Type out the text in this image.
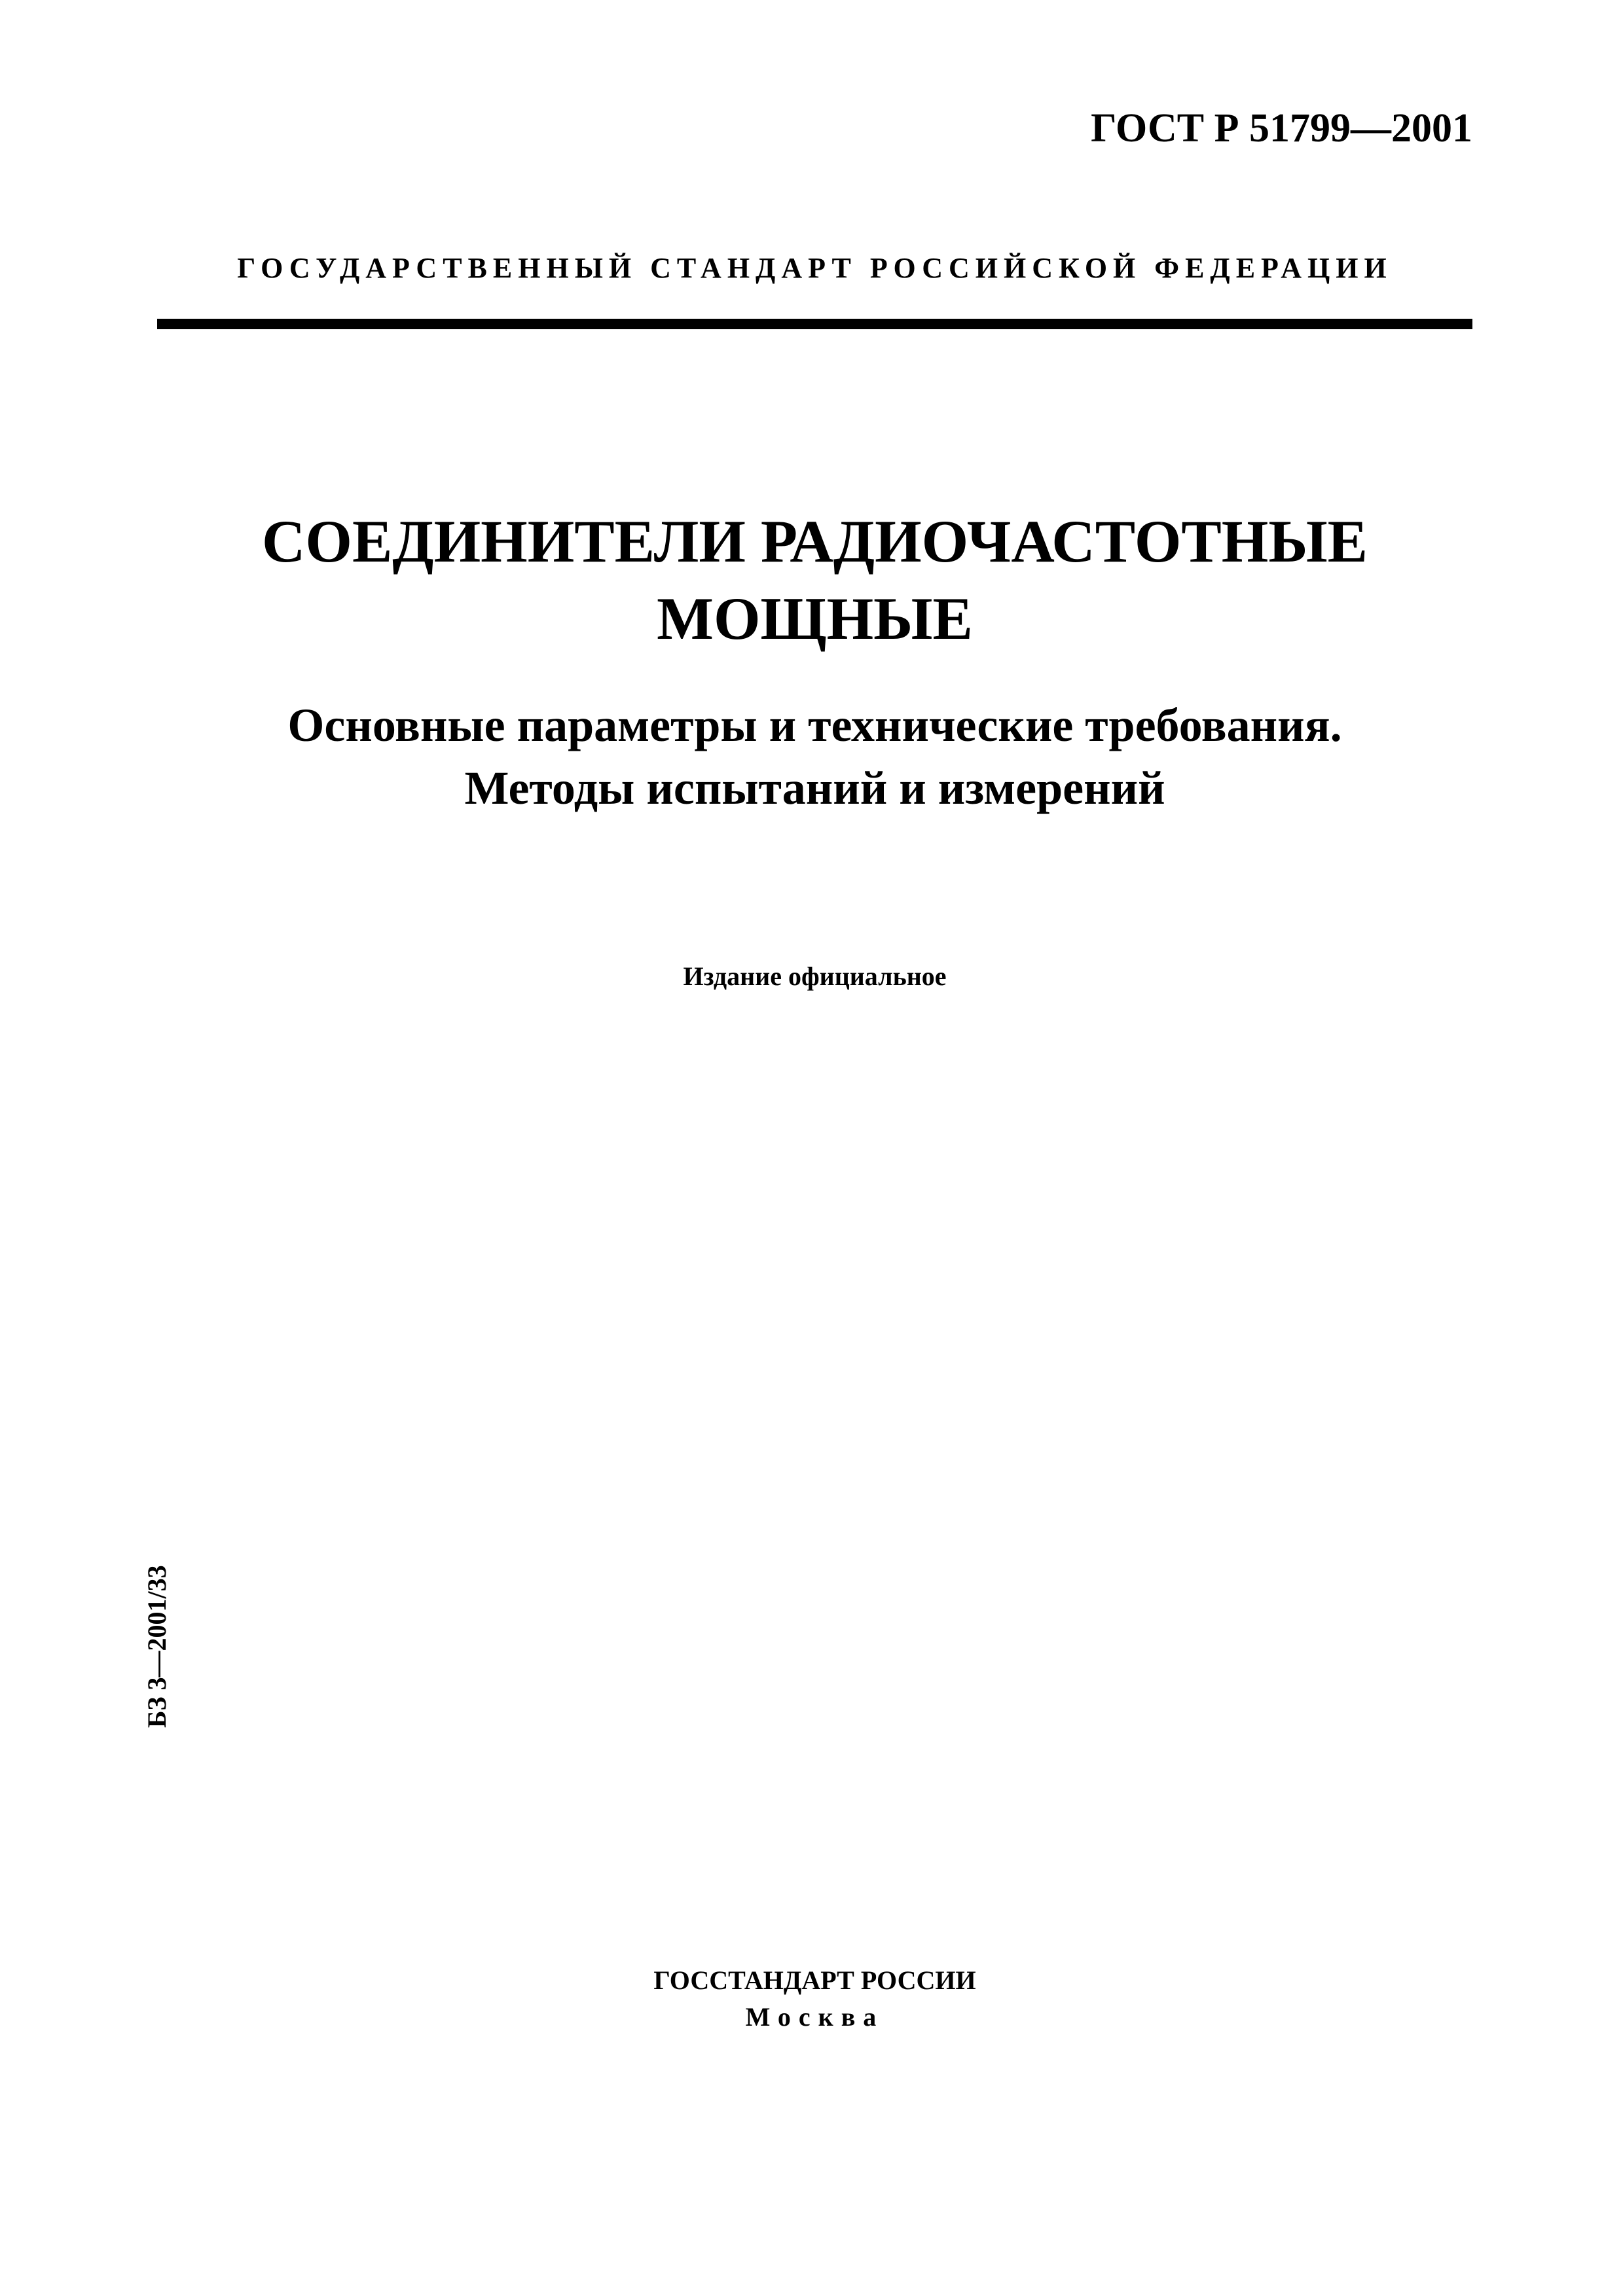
ГОСТ Р 51799—2001
ГОСУДАРСТВЕННЫЙ СТАНДАРТ РОССИЙСКОЙ ФЕДЕРАЦИИ
СОЕДИНИТЕЛИ РАДИОЧАСТОТНЫЕ
МОЩНЫЕ
Основные параметры и технические требования.
Методы испытаний и измерений
Издание официальное
БЗ 3—2001/33
ГОССТАНДАРТ РОССИИ
Москва
